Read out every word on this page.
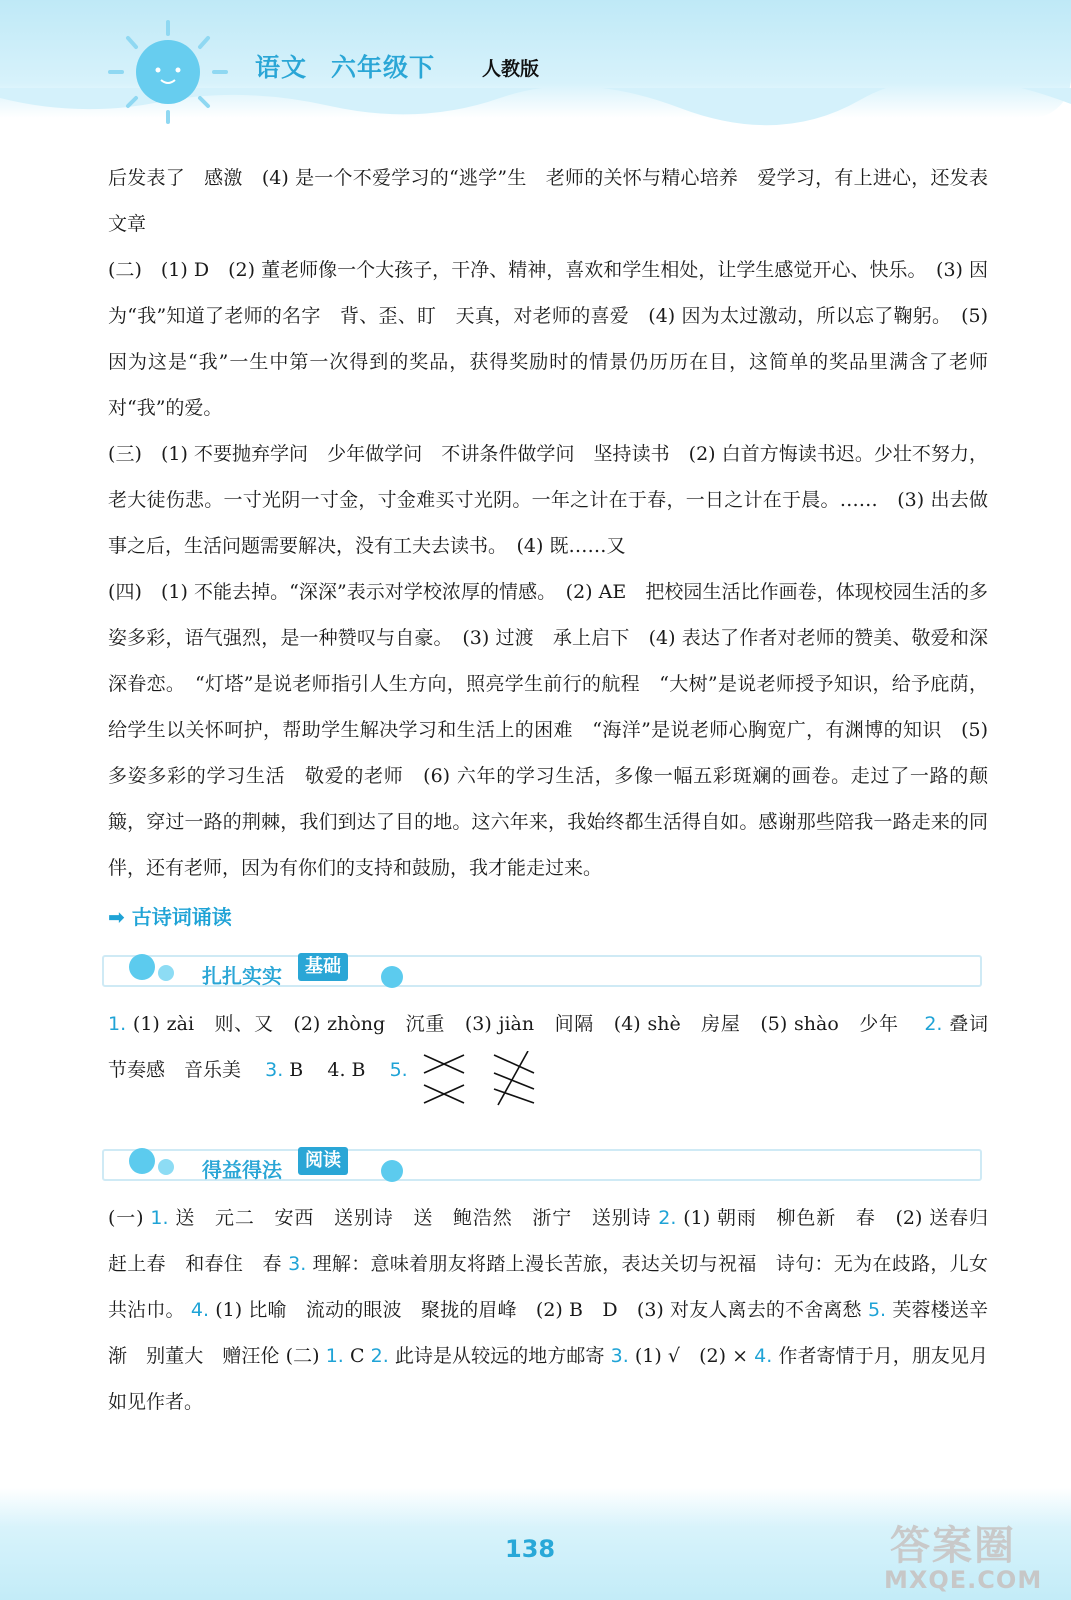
语文 六年级下	人教版

后发表了　感激　(4) 是一个不爱学习的“逃学”生　老师的关怀与精心培养　爱学习，有上进心，还发表文章

(二)　(1) D　(2) 董老师像一个大孩子，干净、精神，喜欢和学生相处，让学生感觉开心、快乐。　(3) 因为“我”知道了老师的名字　背、歪、盯　天真，对老师的喜爱　(4) 因为太过激动，所以忘了鞠躬。　(5) 因为这是“我”一生中第一次得到的奖品，获得奖励时的情景仍历历在目，这简单的奖品里满含了老师对“我”的爱。

(三)　(1) 不要抛弃学问　少年做学问　不讲条件做学问　坚持读书　(2) 白首方悔读书迟。少壮不努力，老大徒伤悲。一寸光阴一寸金，寸金难买寸光阴。一年之计在于春，一日之计在于晨。……　(3) 出去做事之后，生活问题需要解决，没有工夫去读书。　(4) 既……又

(四)　(1) 不能去掉。“深深”表示对学校浓厚的情感。　(2) AE　把校园生活比作画卷，体现校园生活的多姿多彩，语气强烈，是一种赞叹与自豪。　(3) 过渡　承上启下　(4) 表达了作者对老师的赞美、敬爱和深深眷恋。　“灯塔”是说老师指引人生方向，照亮学生前行的航程　“大树”是说老师授予知识，给予庇荫，给学生以关怀呵护，帮助学生解决学习和生活上的困难　“海洋”是说老师心胸宽广，有渊博的知识　(5) 多姿多彩的学习生活　敬爱的老师　(6) 六年的学习生活，多像一幅五彩斑斓的画卷。走过了一路的颠簸，穿过一路的荆棘，我们到达了目的地。这六年来，我始终都生活得自如。感谢那些陪我一路走来的同伴，还有老师，因为有你们的支持和鼓励，我才能走过来。

➡ 古诗词诵读
扎扎实实	基础

1. (1) zài　则、又　(2) zhòng　沉重　(3) jiàn　间隔　(4) shè　房屋　(5) shào　少年 2. 叠词　节奏感　音乐美 3. B 4. B 5.

得益得法	阅读

(一) 1. 送　元二　安西　送别诗　送　鲍浩然　浙宁　送别诗 2. (1) 朝雨　柳色新　春　(2) 送春归　赶上春　和春住　春 3. 理解：意味着朋友将踏上漫长苦旅，表达关切与祝福　诗句：无为在歧路，儿女共沾巾。 4. (1) 比喻　流动的眼波　聚拢的眉峰　(2) B　D　(3) 对友人离去的不舍离愁 5. 芙蓉楼送辛渐　别董大　赠汪伦 (二) 1. C 2. 此诗是从较远的地方邮寄 3. (1) √　(2) × 4. 作者寄情于月，朋友见月如见作者。

138	答案圈
MXQE.COM
